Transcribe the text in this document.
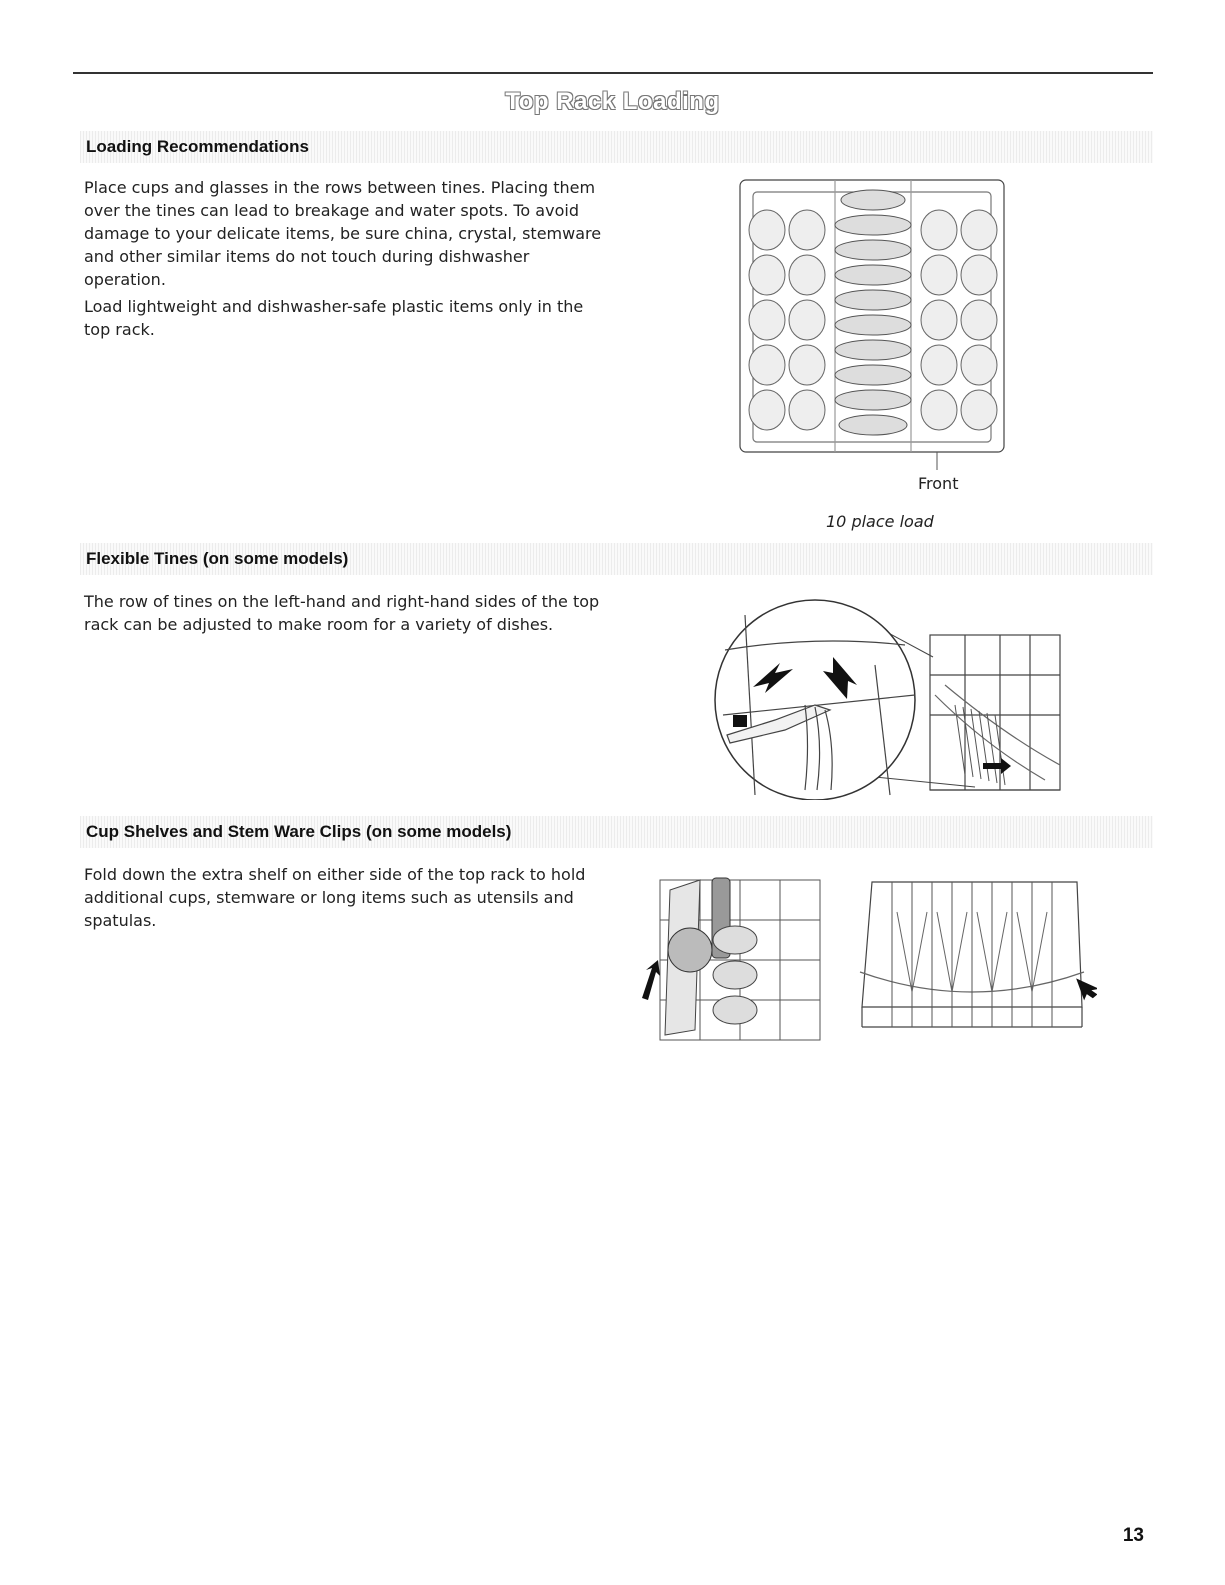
Top Rack Loading
Loading Recommendations

Place cups and glasses in the rows between tines. Placing them over the tines can lead to breakage and water spots. To avoid damage to your delicate items, be sure china, crystal, stemware and other similar items do not touch during dishwasher operation.

Load lightweight and dishwasher-safe plastic items only in the top rack.

Front
10 place load
Flexible Tines (on some models)

The row of tines on the left-hand and right-hand sides of the top rack can be adjusted to make room for a variety of dishes.

Cup Shelves and Stem Ware Clips (on some models)

Fold down the extra shelf on either side of the top rack to hold additional cups, stemware or long items such as utensils and spatulas.

13
